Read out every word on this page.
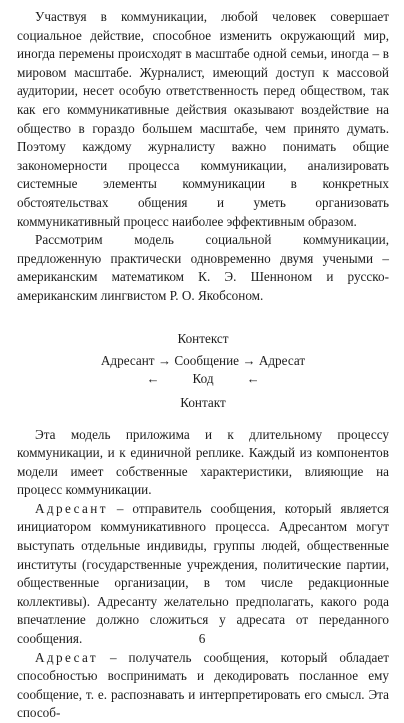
Участвуя в коммуникации, любой человек совершает социальное действие, способное изменить окружающий мир, иногда перемены происходят в масштабе одной семьи, иногда – в мировом масштабе. Журналист, имеющий доступ к массовой аудитории, несет особую ответственность перед обществом, так как его коммуникативные действия оказывают воздействие на общество в гораздо большем масштабе, чем принято думать. Поэтому каждому журналисту важно понимать общие закономерности процесса коммуникации, анализировать системные элементы коммуникации в конкретных обстоятельствах общения и уметь организовать коммуникативный процесс наиболее эффективным образом.

Рассмотрим модель социальной коммуникации, предложенную практически одновременно двумя учеными – американским математиком К. Э. Шенноном и русско-американским лингвистом Р. О. Якобсоном.

Контекст
Адресант → Сообщение → Адресат
← Код ←
Контакт

Эта модель приложима и к длительному процессу коммуникации, и к единичной реплике. Каждый из компонентов модели имеет собственные характеристики, влияющие на процесс коммуникации.

Адресант – отправитель сообщения, который является инициатором коммуникативного процесса. Адресантом могут выступать отдельные индивиды, группы людей, общественные институты (государственные учреждения, политические партии, общественные организации, в том числе редакционные коллективы). Адресанту желательно предполагать, какого рода впечатление должно сложиться у адресата от переданного сообщения.

Адресат – получатель сообщения, который обладает способностью воспринимать и декодировать посланное ему сообщение, т. е. распознавать и интерпретировать его смысл. Эта способ-

6
